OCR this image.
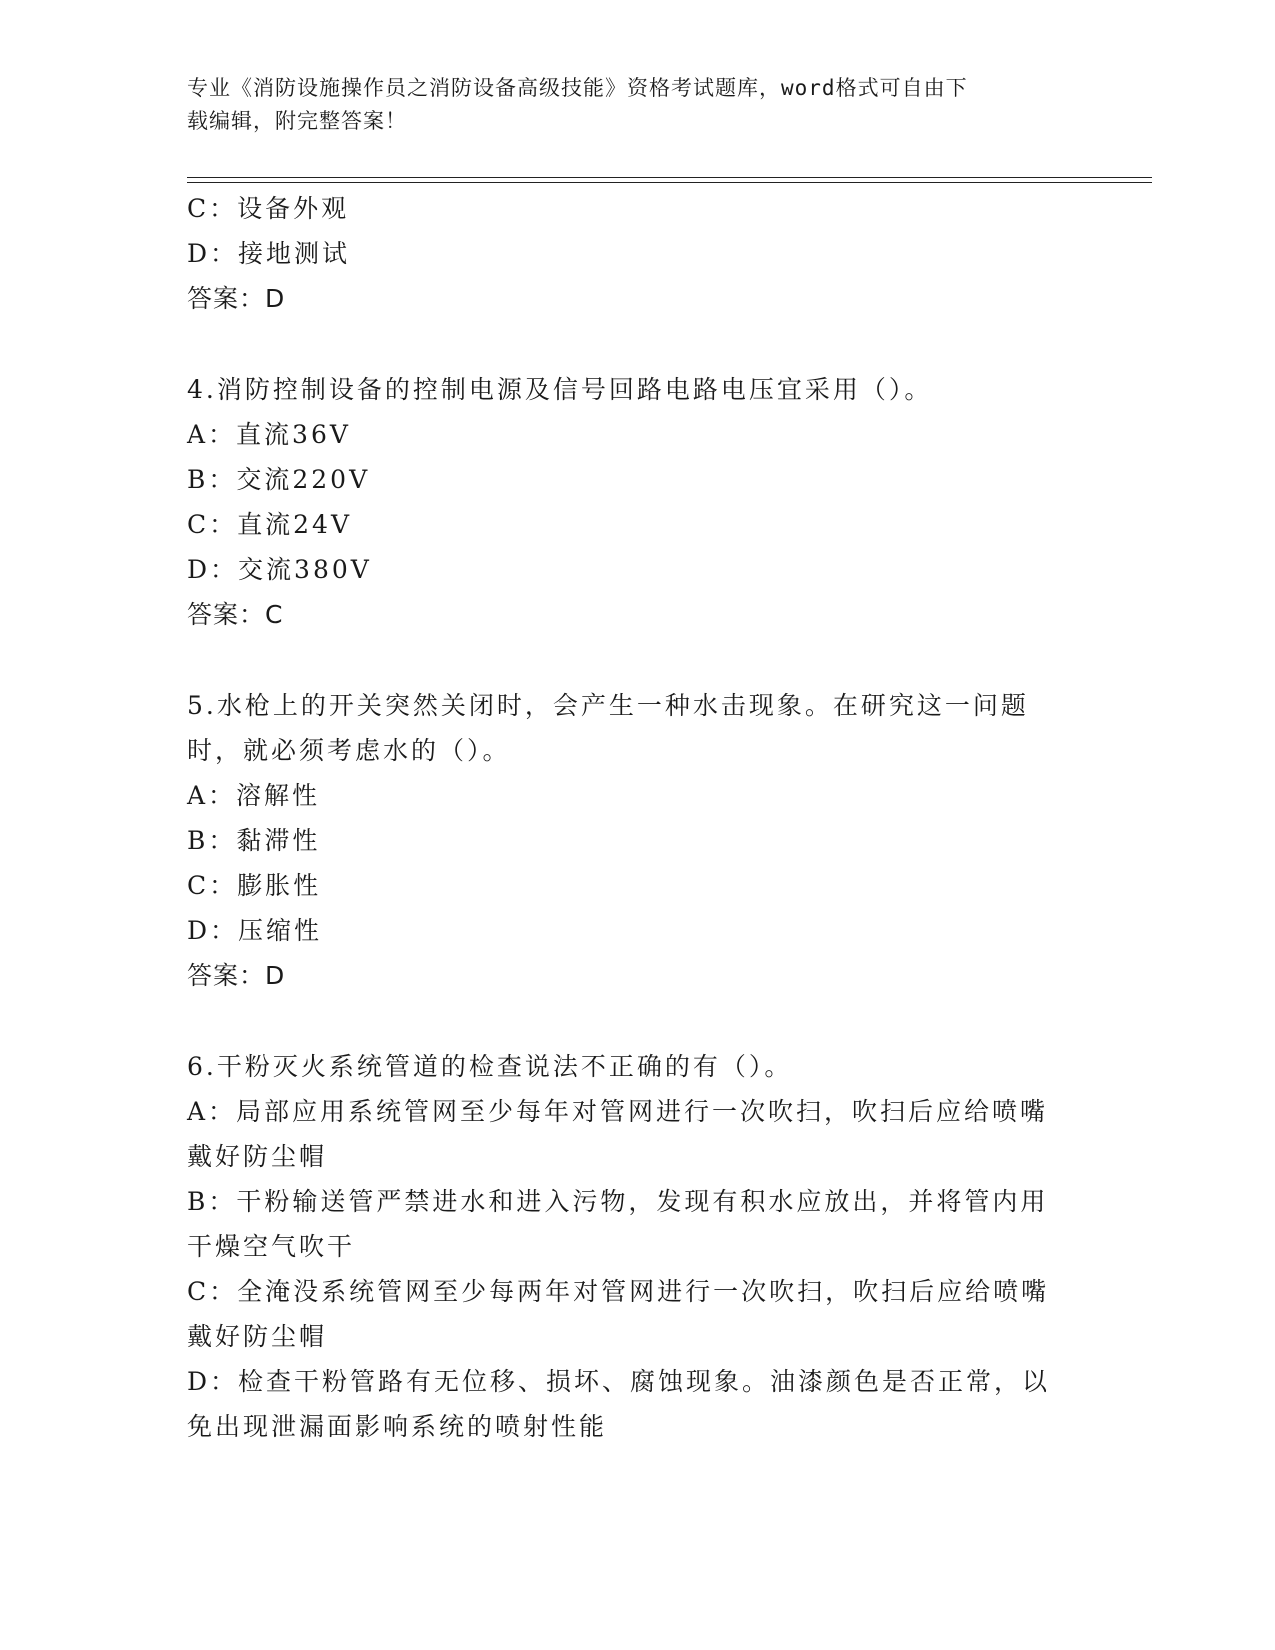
专业《消防设施操作员之消防设备高级技能》资格考试题库，word格式可自由下
载编辑，附完整答案！
C：设备外观
D：接地测试
答案：D
4.消防控制设备的控制电源及信号回路电路电压宜采用（）。
A：直流36V
B：交流220V
C：直流24V
D：交流380V
答案：C
5.水枪上的开关突然关闭时，会产生一种水击现象。在研究这一问题
时，就必须考虑水的（）。
A：溶解性
B：黏滞性
C：膨胀性
D：压缩性
答案：D
6.干粉灭火系统管道的检查说法不正确的有（）。
A：局部应用系统管网至少每年对管网进行一次吹扫，吹扫后应给喷嘴
戴好防尘帽
B：干粉输送管严禁进水和进入污物，发现有积水应放出，并将管内用
干燥空气吹干
C：全淹没系统管网至少每两年对管网进行一次吹扫，吹扫后应给喷嘴
戴好防尘帽
D：检查干粉管路有无位移、损坏、腐蚀现象。油漆颜色是否正常，以
免出现泄漏面影响系统的喷射性能
